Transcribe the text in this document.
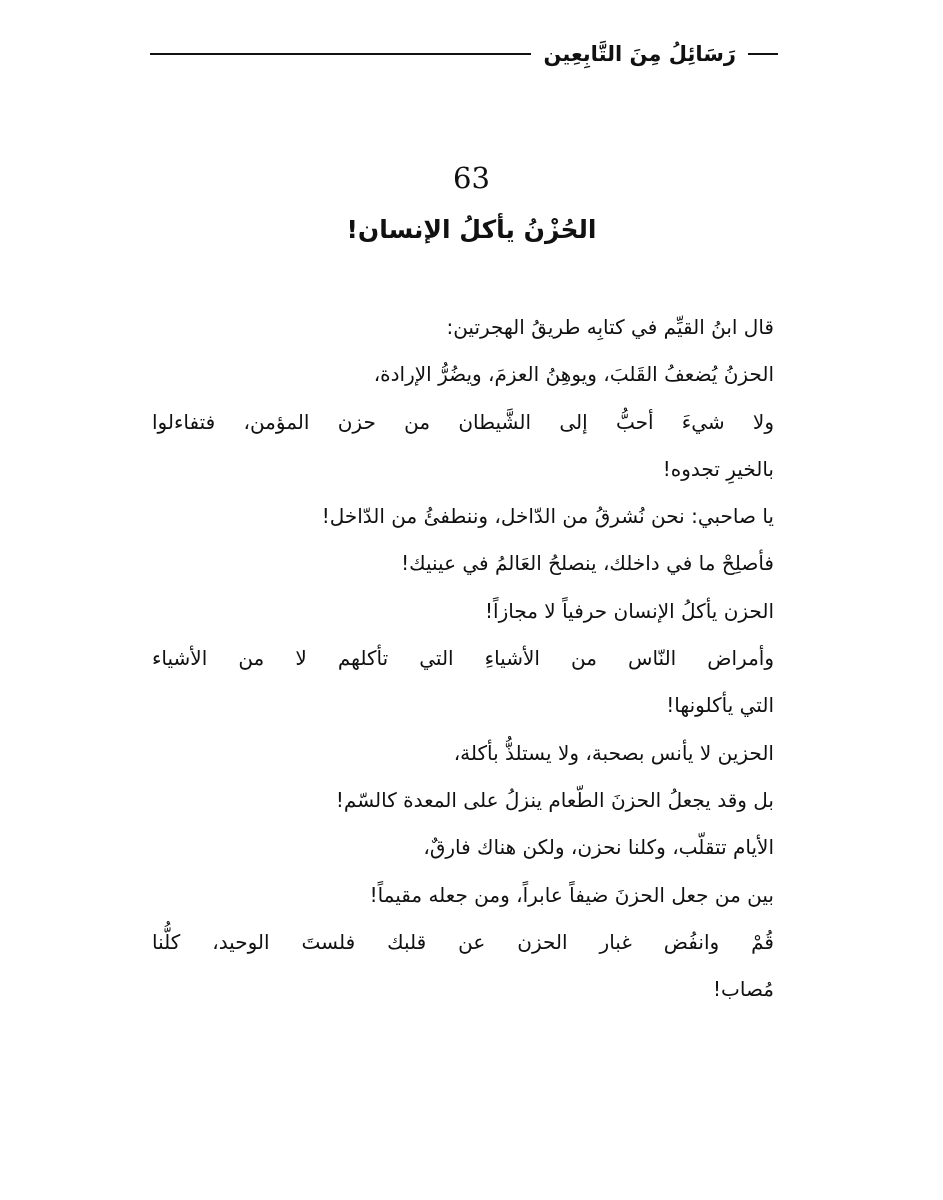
رَسَائِلُ مِنَ التَّابِعِين
63
الحُزْنُ يأكلُ الإنسان!
قال ابنُ القيِّم في كتابِه طريقُ الهجرتين:
الحزنُ يُضعفُ القَلبَ، ويوهِنُ العزمَ، ويضُرُّ الإرادة،
ولا شيءَ أحبُّ إلى الشَّيطان من حزن المؤمن، فتفاءلوا
بالخيرِ تجدوه!
يا صاحبي: نحن نُشرقُ من الدّاخل، وننطفئُ من الدّاخل!
فأصلِحْ ما في داخلك، ينصلحُ العَالمُ في عينيك!
الحزن يأكلُ الإنسان حرفياً لا مجازاً!
وأمراض النّاس من الأشياءِ التي تأكلهم لا من الأشياء
التي يأكلونها!
الحزين لا يأنس بصحبة، ولا يستلذُّ بأكلة،
بل وقد يجعلُ الحزنَ الطّعام ينزلُ على المعدة كالسّم!
الأيام تتقلّب، وكلنا نحزن، ولكن هناك فارقٌ،
بين من جعل الحزنَ ضيفاً عابراً، ومن جعله مقيماً!
قُمْ وانفُض غبار الحزن عن قلبك فلستَ الوحيد، كلُّنا
مُصاب!
